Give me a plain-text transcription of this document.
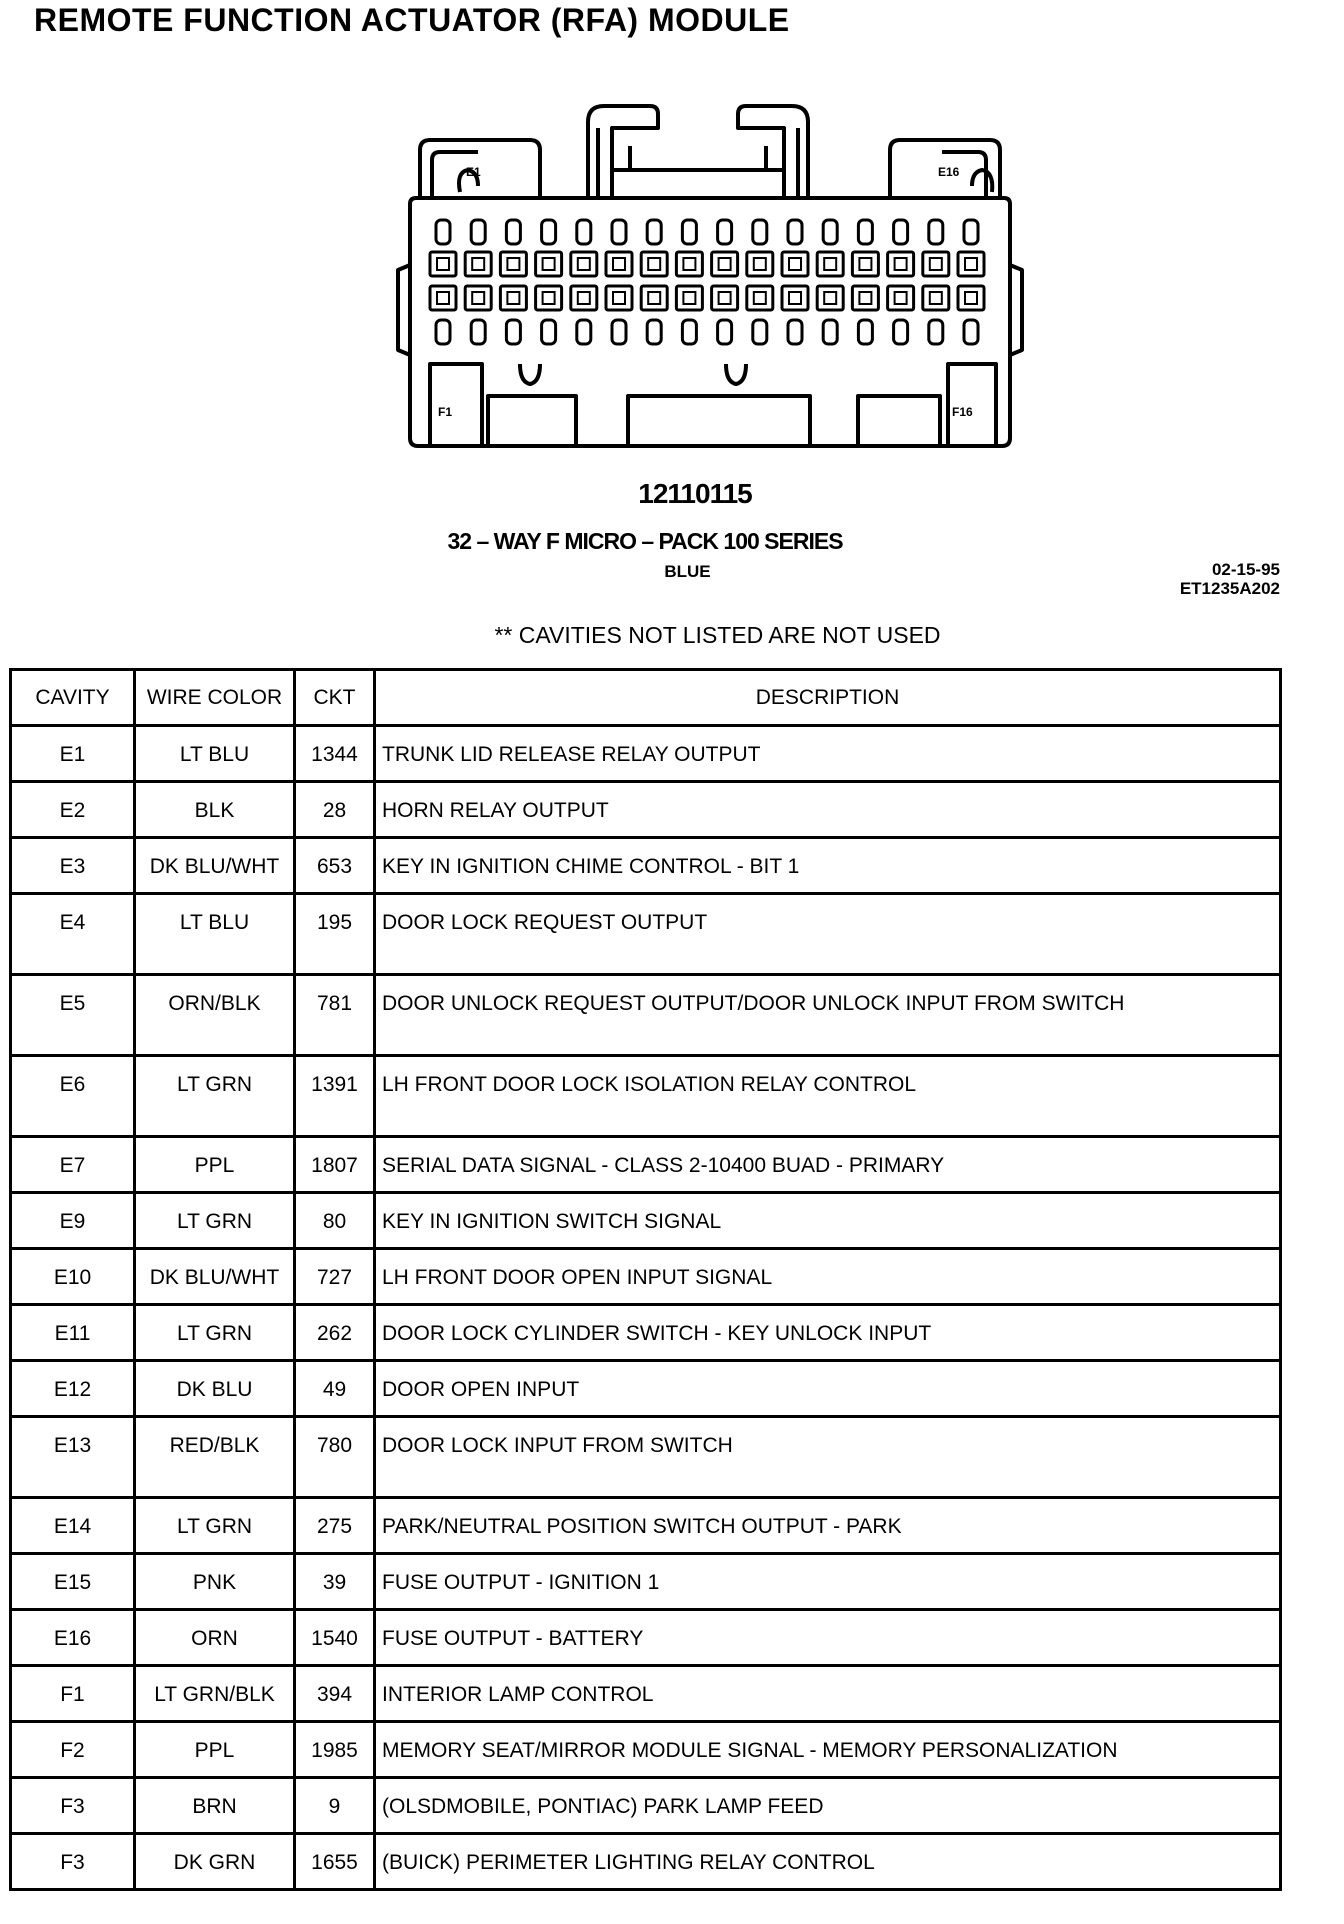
REMOTE FUNCTION ACTUATOR (RFA) MODULE
E1	E16
F1	F16
12110115
32 – WAY F MICRO – PACK 100 SERIES
BLUE	02-15-95
ET1235A202
** CAVITIES NOT LISTED ARE NOT USED
CAVITY	WIRE COLOR	CKT	DESCRIPTION
E1	LT BLU	1344	TRUNK LID RELEASE RELAY OUTPUT
E2	BLK	28	HORN RELAY OUTPUT
E3	DK BLU/WHT	653	KEY IN IGNITION CHIME CONTROL - BIT 1
E4	LT BLU	195	DOOR LOCK REQUEST OUTPUT
E5	ORN/BLK	781	DOOR UNLOCK REQUEST OUTPUT/DOOR UNLOCK INPUT FROM SWITCH
E6	LT GRN	1391	LH FRONT DOOR LOCK ISOLATION RELAY CONTROL
E7	PPL	1807	SERIAL DATA SIGNAL - CLASS 2-10400 BUAD - PRIMARY
E9	LT GRN	80	KEY IN IGNITION SWITCH SIGNAL
E10	DK BLU/WHT	727	LH FRONT DOOR OPEN INPUT SIGNAL
E11	LT GRN	262	DOOR LOCK CYLINDER SWITCH - KEY UNLOCK INPUT
E12	DK BLU	49	DOOR OPEN INPUT
E13	RED/BLK	780	DOOR LOCK INPUT FROM SWITCH
E14	LT GRN	275	PARK/NEUTRAL POSITION SWITCH OUTPUT - PARK
E15	PNK	39	FUSE OUTPUT - IGNITION 1
E16	ORN	1540	FUSE OUTPUT - BATTERY
F1	LT GRN/BLK	394	INTERIOR LAMP CONTROL
F2	PPL	1985	MEMORY SEAT/MIRROR MODULE SIGNAL - MEMORY PERSONALIZATION
F3	BRN	9	(OLSDMOBILE, PONTIAC) PARK LAMP FEED
F3	DK GRN	1655	(BUICK) PERIMETER LIGHTING RELAY CONTROL
